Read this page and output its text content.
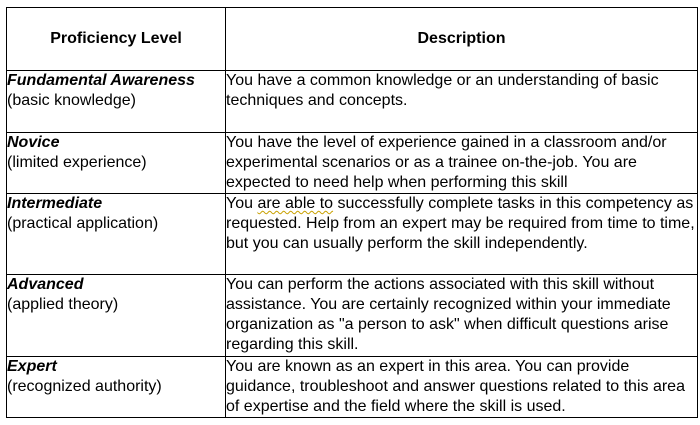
Proficiency Level	Description

Fundamental Awareness
(basic knowledge)	You have a common knowledge or an understanding of basic techniques and concepts.

Novice
(limited experience)	You have the level of experience gained in a classroom and/or experimental scenarios or as a trainee on-the-job. You are expected to need help when performing this skill

Intermediate
(practical application)	You are able to successfully complete tasks in this competency as requested. Help from an expert may be required from time to time, but you can usually perform the skill independently.

Advanced
(applied theory)	You can perform the actions associated with this skill without assistance. You are certainly recognized within your immediate organization as "a person to ask" when difficult questions arise regarding this skill.

Expert
(recognized authority)	You are known as an expert in this area. You can provide guidance, troubleshoot and answer questions related to this area of expertise and the field where the skill is used.
